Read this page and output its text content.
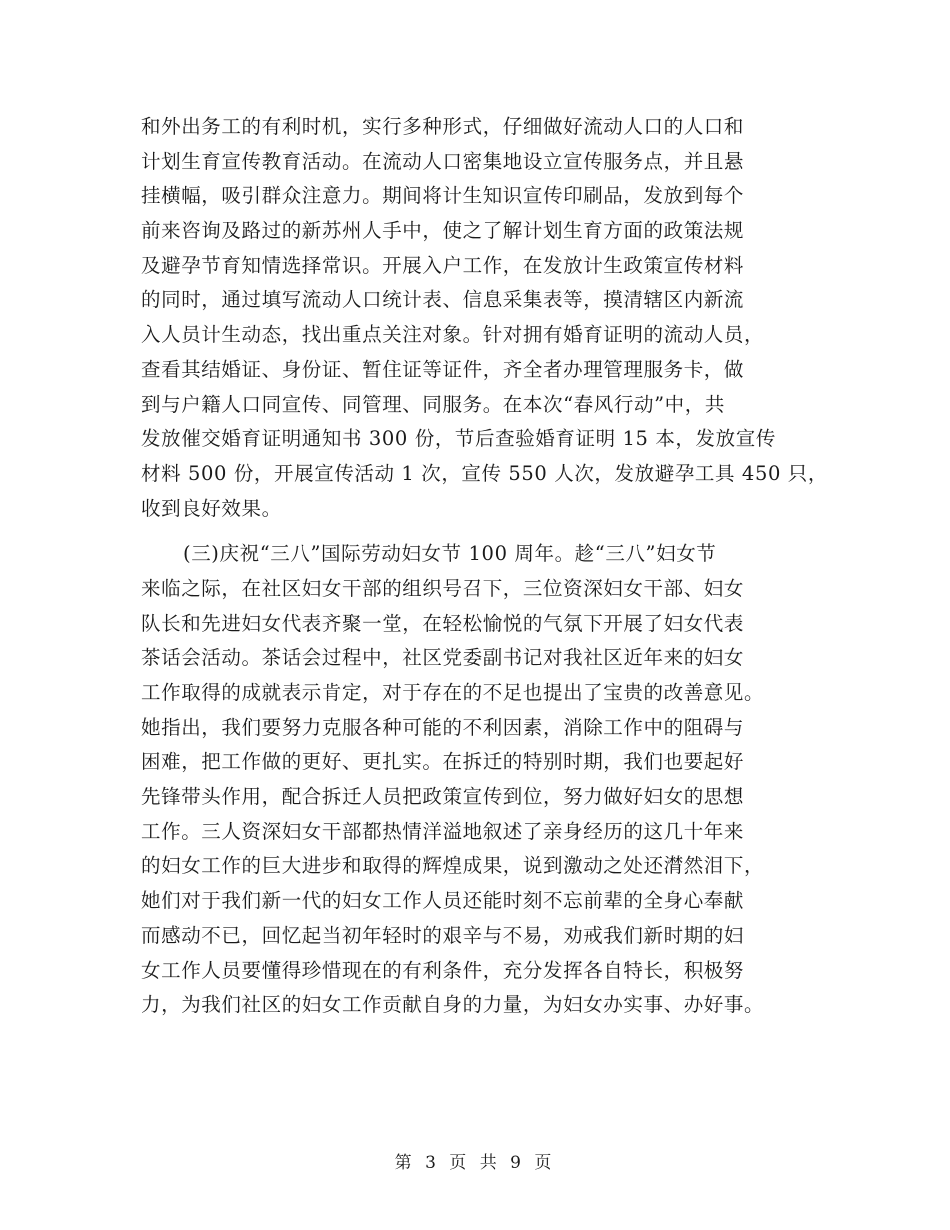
和外出务工的有利时机，实行多种形式，仔细做好流动人口的人口和
计划生育宣传教育活动。在流动人口密集地设立宣传服务点，并且悬
挂横幅，吸引群众注意力。期间将计生知识宣传印刷品，发放到每个
前来咨询及路过的新苏州人手中，使之了解计划生育方面的政策法规
及避孕节育知情选择常识。开展入户工作，在发放计生政策宣传材料
的同时，通过填写流动人口统计表、信息采集表等，摸清辖区内新流
入人员计生动态，找出重点关注对象。针对拥有婚育证明的流动人员，
查看其结婚证、身份证、暂住证等证件，齐全者办理管理服务卡，做
到与户籍人口同宣传、同管理、同服务。在本次“春风行动”中，共
发放催交婚育证明通知书 300 份，节后查验婚育证明 15 本，发放宣传
材料 500 份，开展宣传活动 1 次，宣传 550 人次，发放避孕工具 450 只，
收到良好效果。
(三)庆祝“三八”国际劳动妇女节 100 周年。趁“三八”妇女节
来临之际，在社区妇女干部的组织号召下，三位资深妇女干部、妇女
队长和先进妇女代表齐聚一堂，在轻松愉悦的气氛下开展了妇女代表
茶话会活动。茶话会过程中，社区党委副书记对我社区近年来的妇女
工作取得的成就表示肯定，对于存在的不足也提出了宝贵的改善意见。
她指出，我们要努力克服各种可能的不利因素，消除工作中的阻碍与
困难，把工作做的更好、更扎实。在拆迁的特别时期，我们也要起好
先锋带头作用，配合拆迁人员把政策宣传到位，努力做好妇女的思想
工作。三人资深妇女干部都热情洋溢地叙述了亲身经历的这几十年来
的妇女工作的巨大进步和取得的辉煌成果，说到激动之处还潸然泪下，
她们对于我们新一代的妇女工作人员还能时刻不忘前辈的全身心奉献
而感动不已，回忆起当初年轻时的艰辛与不易，劝戒我们新时期的妇
女工作人员要懂得珍惜现在的有利条件，充分发挥各自特长，积极努
力，为我们社区的妇女工作贡献自身的力量，为妇女办实事、办好事。
第 3 页 共 9 页
